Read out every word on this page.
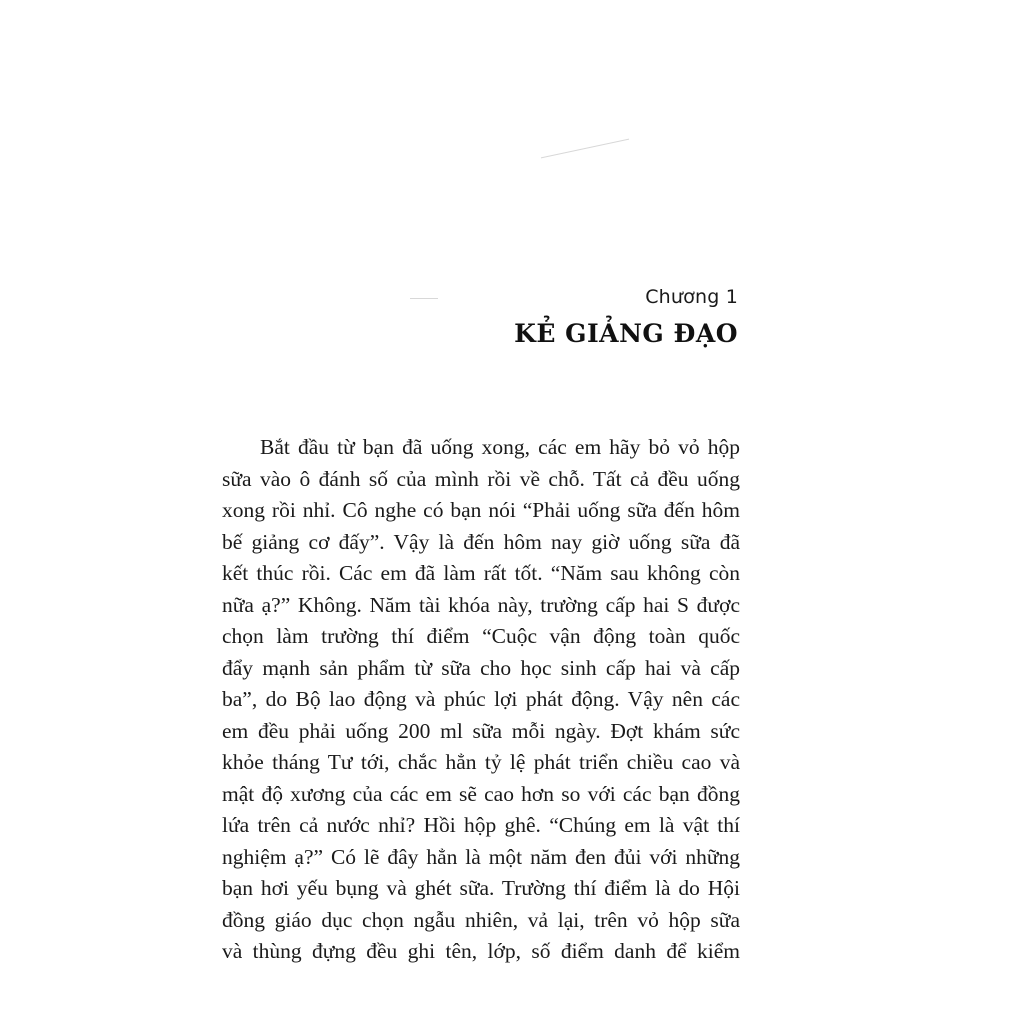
Chương 1
KẺ GIẢNG ĐẠO
Bắt đầu từ bạn đã uống xong, các em hãy bỏ vỏ hộp
sữa vào ô đánh số của mình rồi về chỗ. Tất cả đều uống
xong rồi nhỉ. Cô nghe có bạn nói “Phải uống sữa đến hôm
bế giảng cơ đấy”. Vậy là đến hôm nay giờ uống sữa đã
kết thúc rồi. Các em đã làm rất tốt. “Năm sau không còn
nữa ạ?” Không. Năm tài khóa này, trường cấp hai S được
chọn làm trường thí điểm “Cuộc vận động toàn quốc
đẩy mạnh sản phẩm từ sữa cho học sinh cấp hai và cấp
ba”, do Bộ lao động và phúc lợi phát động. Vậy nên các
em đều phải uống 200 ml sữa mỗi ngày. Đợt khám sức
khỏe tháng Tư tới, chắc hẳn tỷ lệ phát triển chiều cao và
mật độ xương của các em sẽ cao hơn so với các bạn đồng
lứa trên cả nước nhỉ? Hồi hộp ghê. “Chúng em là vật thí
nghiệm ạ?” Có lẽ đây hẳn là một năm đen đủi với những
bạn hơi yếu bụng và ghét sữa. Trường thí điểm là do Hội
đồng giáo dục chọn ngẫu nhiên, vả lại, trên vỏ hộp sữa
và thùng đựng đều ghi tên, lớp, số điểm danh để kiểm
